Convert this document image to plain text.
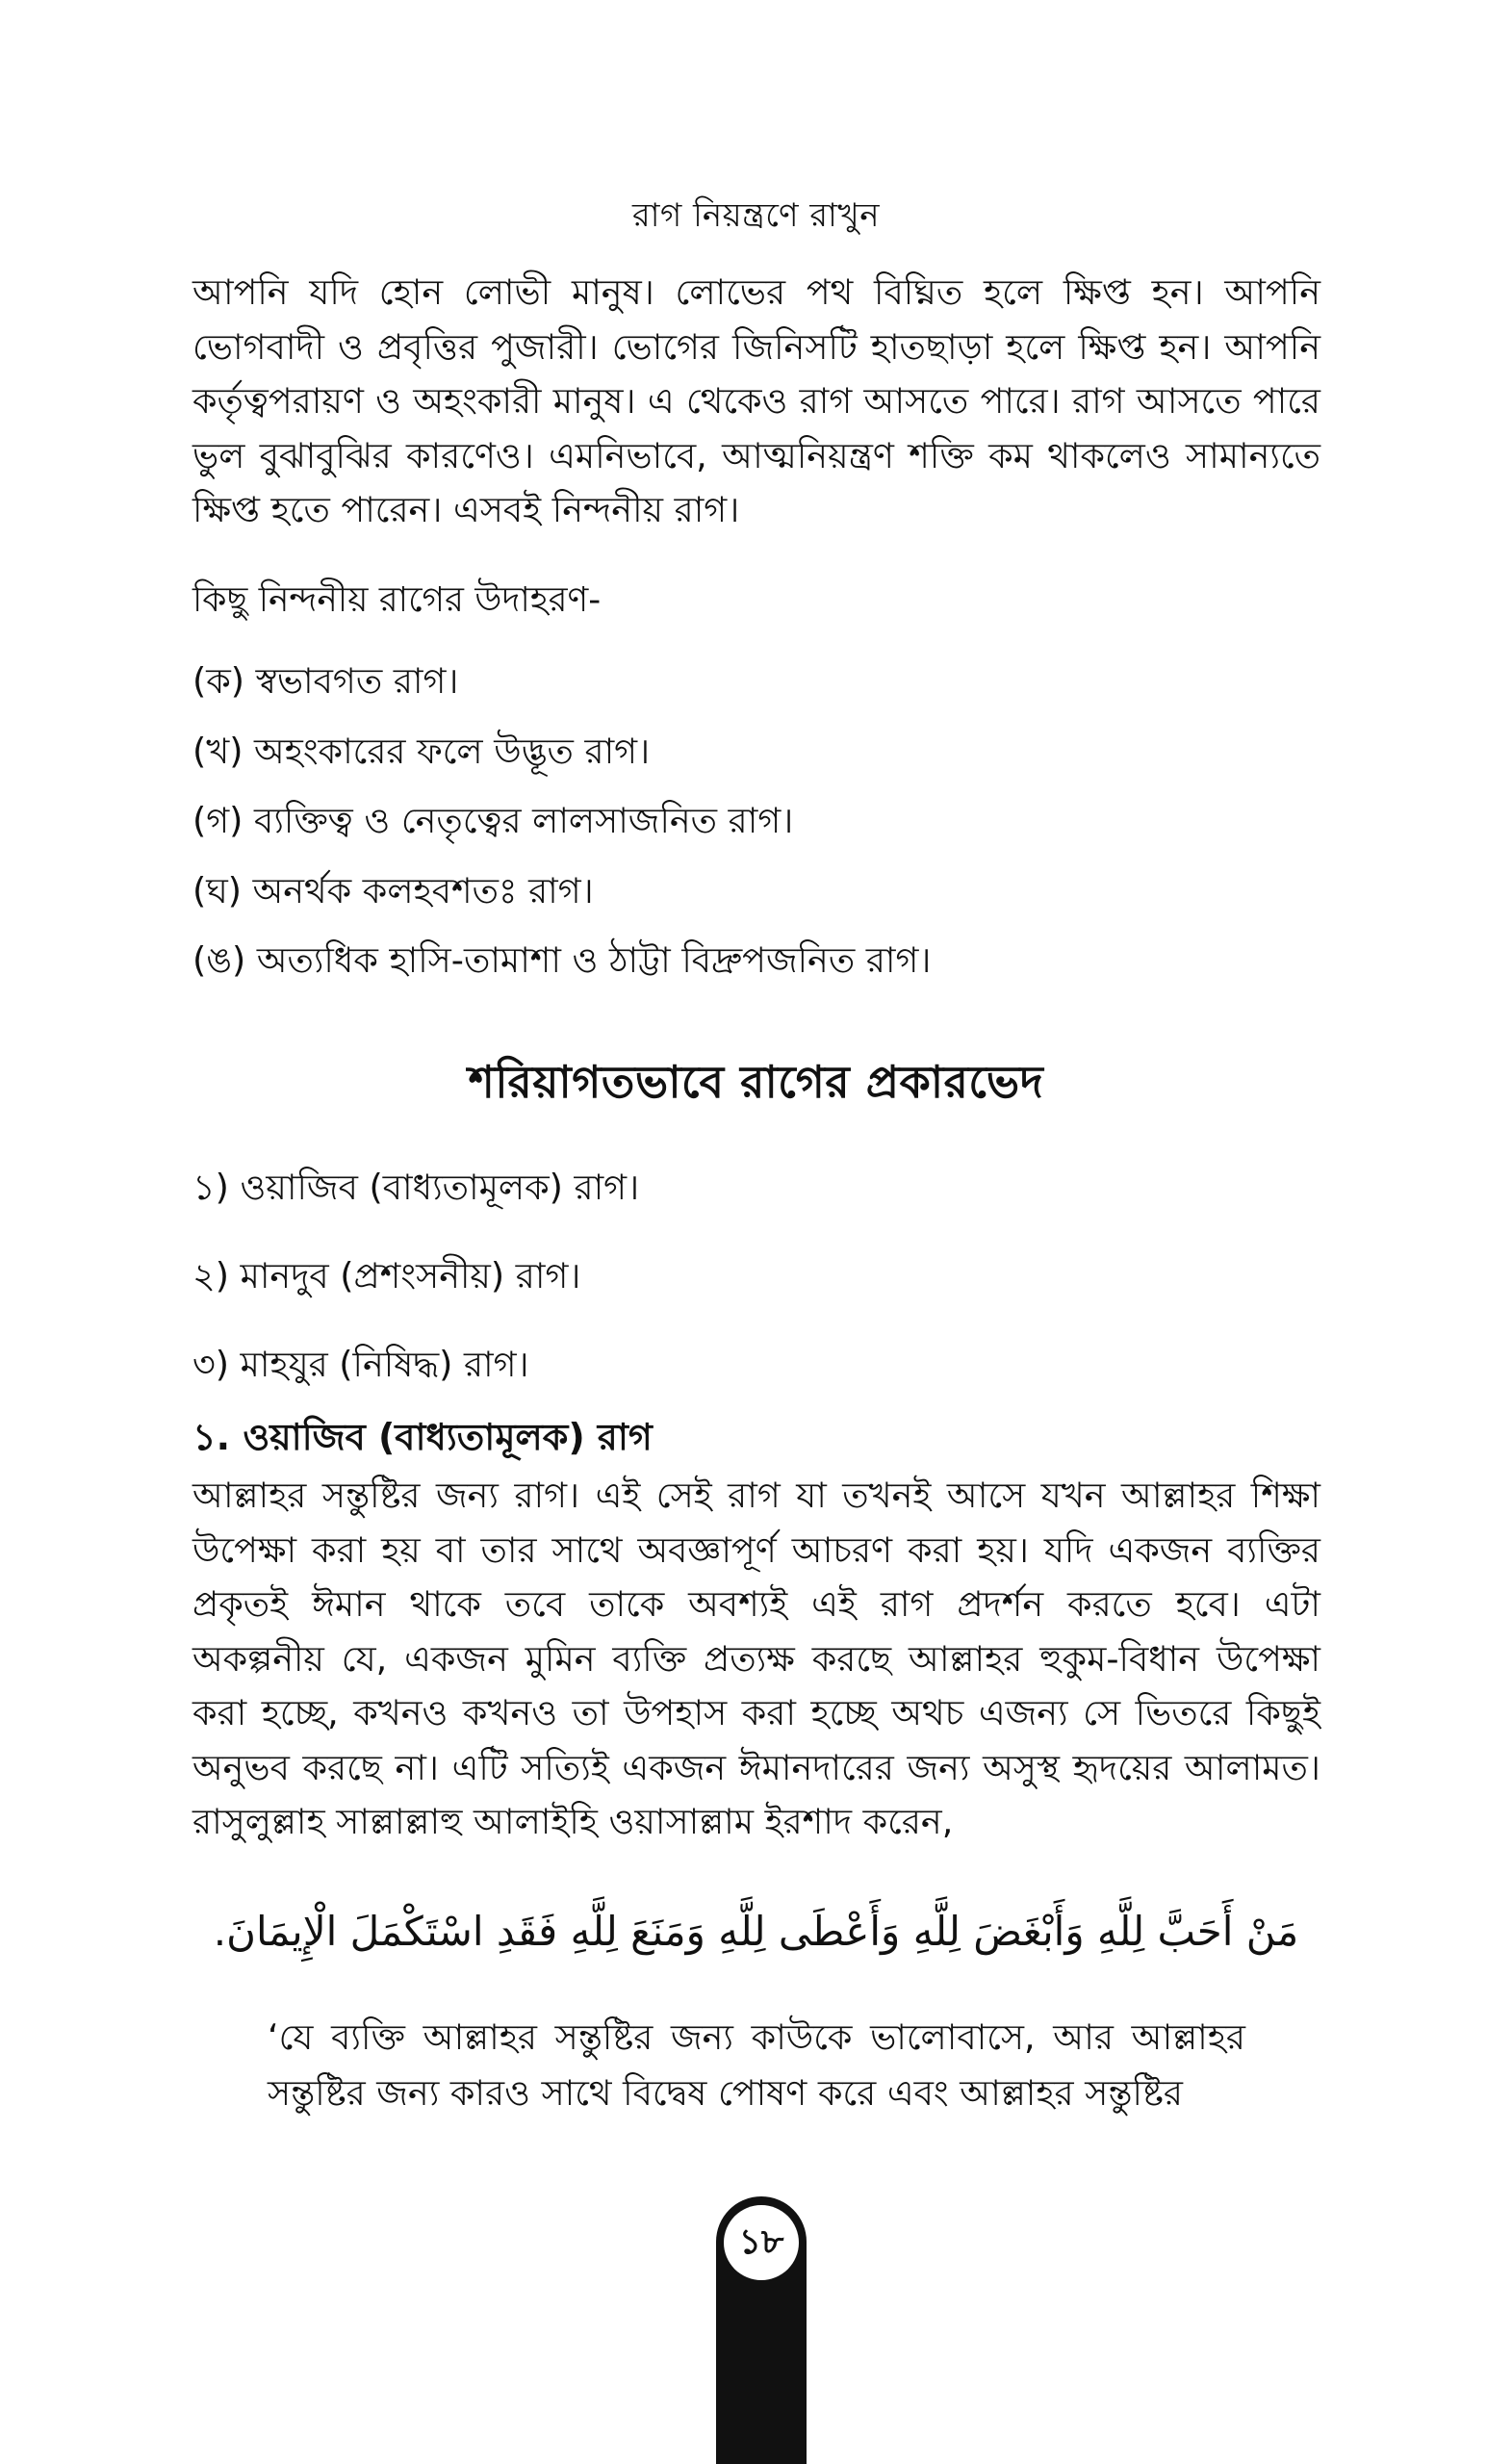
রাগ নিয়ন্ত্রণে রাখুন

আপনি যদি হোন লোভী মানুষ। লোভের পথ বিঘ্নিত হলে ক্ষিপ্ত হন। আপনি ভোগবাদী ও প্রবৃত্তির পুজারী। ভোগের জিনিসটি হাতছাড়া হলে ক্ষিপ্ত হন। আপনি কর্তৃত্বপরায়ণ ও অহংকারী মানুষ। এ থেকেও রাগ আসতে পারে। রাগ আসতে পারে ভুল বুঝাবুঝির কারণেও। এমনিভাবে, আত্মনিয়ন্ত্রণ শক্তি কম থাকলেও সামান্যতে ক্ষিপ্ত হতে পারেন। এসবই নিন্দনীয় রাগ।

কিছু নিন্দনীয় রাগের উদাহরণ-

(ক) স্বভাবগত রাগ।
(খ) অহংকারের ফলে উদ্ভূত রাগ।
(গ) ব্যক্তিত্ব ও নেতৃত্বের লালসাজনিত রাগ।
(ঘ) অনর্থক কলহবশতঃ রাগ।
(ঙ) অত্যধিক হাসি-তামাশা ও ঠাট্টা বিদ্রুপজনিত রাগ।
শরিয়াগতভাবে রাগের প্রকারভেদ
১) ওয়াজিব (বাধ্যতামূলক) রাগ।
২) মানদুব (প্রশংসনীয়) রাগ।
৩) মাহযুর (নিষিদ্ধ) রাগ।
১. ওয়াজিব (বাধ্যতামূলক) রাগ

আল্লাহর সন্তুষ্টির জন্য রাগ। এই সেই রাগ যা তখনই আসে যখন আল্লাহর শিক্ষা উপেক্ষা করা হয় বা তার সাথে অবজ্ঞাপূর্ণ আচরণ করা হয়। যদি একজন ব্যক্তির প্রকৃতই ঈমান থাকে তবে তাকে অবশ্যই এই রাগ প্রদর্শন করতে হবে। এটা অকল্পনীয় যে, একজন মুমিন ব্যক্তি প্রত্যক্ষ করছে আল্লাহর হুকুম-বিধান উপেক্ষা করা হচ্ছে, কখনও কখনও তা উপহাস করা হচ্ছে অথচ এজন্য সে ভিতরে কিছুই অনুভব করছে না। এটি সত্যিই একজন ঈমানদারের জন্য অসুস্থ হৃদয়ের আলামত। রাসুলুল্লাহ সাল্লাল্লাহু আলাইহি ওয়াসাল্লাম ইরশাদ করেন,

مَنْ أَحَبَّ لِلَّهِ وَأَبْغَضَ لِلَّهِ وَأَعْطَى لِلَّهِ وَمَنَعَ لِلَّهِ فَقَدِ اسْتَكْمَلَ الْإِيمَانَ.

‘যে ব্যক্তি আল্লাহর সন্তুষ্টির জন্য কাউকে ভালোবাসে, আর আল্লাহর সন্তুষ্টির জন্য কারও সাথে বিদ্বেষ পোষণ করে এবং আল্লাহর সন্তুষ্টির

১৮
